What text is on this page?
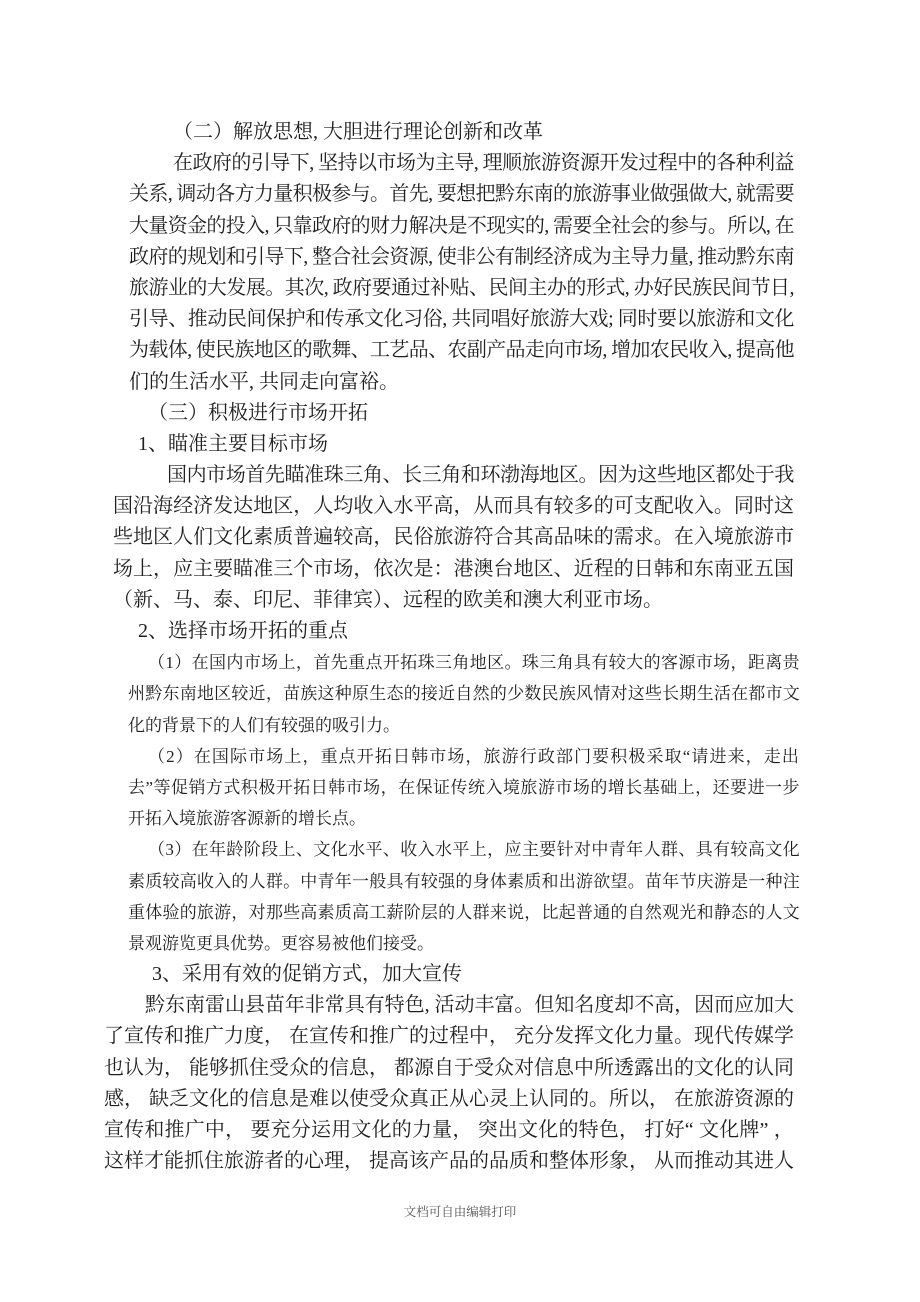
（二）解放思想, 大胆进行理论创新和改革
在政府的引导下, 坚持以市场为主导, 理顺旅游资源开发过程中的各种利益
关系, 调动各方力量积极参与。首先, 要想把黔东南的旅游事业做强做大, 就需要
大量资金的投入, 只靠政府的财力解决是不现实的, 需要全社会的参与。所以, 在
政府的规划和引导下, 整合社会资源, 使非公有制经济成为主导力量, 推动黔东南
旅游业的大发展。其次, 政府要通过补贴、民间主办的形式, 办好民族民间节日,
引导、推动民间保护和传承文化习俗, 共同唱好旅游大戏; 同时要以旅游和文化
为载体, 使民族地区的歌舞、工艺品、农副产品走向市场, 增加农民收入, 提高他
们的生活水平, 共同走向富裕。
（三）积极进行市场开拓
1、瞄准主要目标市场
国内市场首先瞄准珠三角、长三角和环渤海地区。因为这些地区都处于我
国沿海经济发达地区，人均收入水平高，从而具有较多的可支配收入。同时这
些地区人们文化素质普遍较高，民俗旅游符合其高品味的需求。在入境旅游市
场上，应主要瞄准三个市场，依次是：港澳台地区、近程的日韩和东南亚五国
（新、马、泰、印尼、菲律宾）、远程的欧美和澳大利亚市场。
2、选择市场开拓的重点
（1）在国内市场上，首先重点开拓珠三角地区。珠三角具有较大的客源市场，距离贵
州黔东南地区较近，苗族这种原生态的接近自然的少数民族风情对这些长期生活在都市文
化的背景下的人们有较强的吸引力。
（2）在国际市场上，重点开拓日韩市场，旅游行政部门要积极采取“请进来，走出
去”等促销方式积极开拓日韩市场，在保证传统入境旅游市场的增长基础上，还要进一步
开拓入境旅游客源新的增长点。
（3）在年龄阶段上、文化水平、收入水平上，应主要针对中青年人群、具有较高文化
素质较高收入的人群。中青年一般具有较强的身体素质和出游欲望。苗年节庆游是一种注
重体验的旅游，对那些高素质高工薪阶层的人群来说，比起普通的自然观光和静态的人文
景观游览更具优势。更容易被他们接受。
3、采用有效的促销方式，加大宣传
黔东南雷山县苗年非常具有特色, 活动丰富。但知名度却不高，因而应加大
了宣传和推广力度， 在宣传和推广的过程中， 充分发挥文化力量。现代传媒学
也认为， 能够抓住受众的信息， 都源自于受众对信息中所透露出的文化的认同
感， 缺乏文化的信息是难以使受众真正从心灵上认同的。所以， 在旅游资源的
宣传和推广中， 要充分运用文化的力量， 突出文化的特色， 打好“ 文化牌” ，
这样才能抓住旅游者的心理， 提高该产品的品质和整体形象， 从而推动其进人
文档可自由编辑打印
